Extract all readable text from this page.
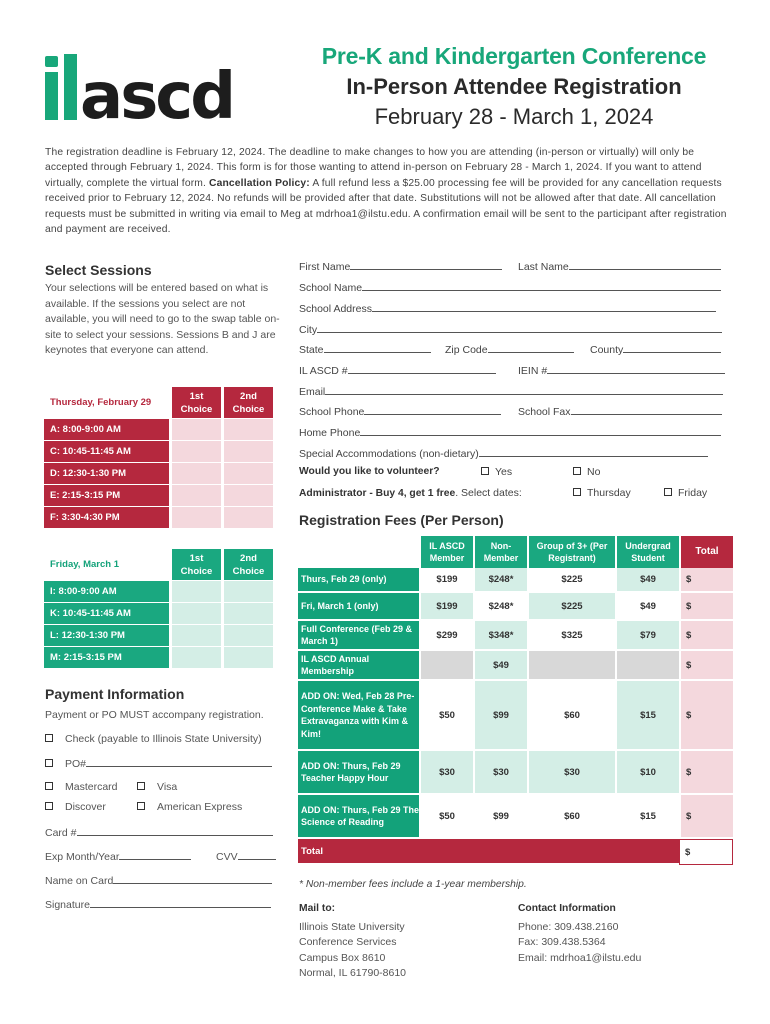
ascd
Pre-K and Kindergarten Conference
In-Person Attendee Registration
February 28 - March 1, 2024
The registration deadline is February 12, 2024. The deadline to make changes to how you are attending (in-person or virtually) will only be accepted through February 1, 2024. This form is for those wanting to attend in-person on February 28 - March 1, 2024. If you want to attend virtually, complete the virtual form. Cancellation Policy: A full refund less a $25.00 processing fee will be provided for any cancellation requests received prior to February 12, 2024. No refunds will be provided after that date. Substitutions will not be allowed after that date. All cancellation requests must be submitted in writing via email to Meg at mdrhoa1@ilstu.edu. A confirmation email will be sent to the participant after registration and payment are received.
Select Sessions
Your selections will be entered based on what is available. If the sessions you select are not available, you will need to go to the swap table on-site to select your sessions. Sessions B and J are keynotes that everyone can attend.
Thursday, February 29	1st Choice	2nd Choice
A: 8:00-9:00 AM		
C: 10:45-11:45 AM		
D: 12:30-1:30 PM		
E: 2:15-3:15 PM		
F: 3:30-4:30 PM		
Friday, March 1	1st Choice	2nd Choice
I: 8:00-9:00 AM		
K: 10:45-11:45 AM		
L: 12:30-1:30 PM		
M: 2:15-3:15 PM		
First Name	Last Name
School Name
School Address
City
State	Zip Code	County
IL ASCD #	IEIN #
Email
School Phone	School Fax
Home Phone
Special Accommodations (non-dietary)
Would you like to volunteer?	Yes	No
Administrator - Buy 4, get 1 free. Select dates:	Thursday	Friday
Registration Fees (Per Person)
	IL ASCD Member	Non-Member	Group of 3+ (Per Registrant)	Undergrad Student	Total
Thurs, Feb 29 (only)	$199	$248*	$225	$49	$
Fri, March 1 (only)	$199	$248*	$225	$49	$
Full Conference (Feb 29 & March 1)	$299	$348*	$325	$79	$
IL ASCD Annual Membership		$49			$
ADD ON: Wed, Feb 28 Pre-Conference Make & Take Extravaganza with Kim & Kim!	$50	$99	$60	$15	$
ADD ON: Thurs, Feb 29 Teacher Happy Hour	$30	$30	$30	$10	$
ADD ON: Thurs, Feb 29 The Science of Reading	$50	$99	$60	$15	$
Total					$
* Non-member fees include a 1-year membership.
Mail to:
Illinois State University
Conference Services
Campus Box 8610
Normal, IL 61790-8610
Contact Information
Phone: 309.438.2160
Fax: 309.438.5364
Email: mdrhoa1@ilstu.edu
Payment Information
Payment or PO MUST accompany registration.
Check (payable to Illinois State University)
PO#
Mastercard	Visa
Discover	American Express
Card #
Exp Month/Year	CVV
Name on Card
Signature
